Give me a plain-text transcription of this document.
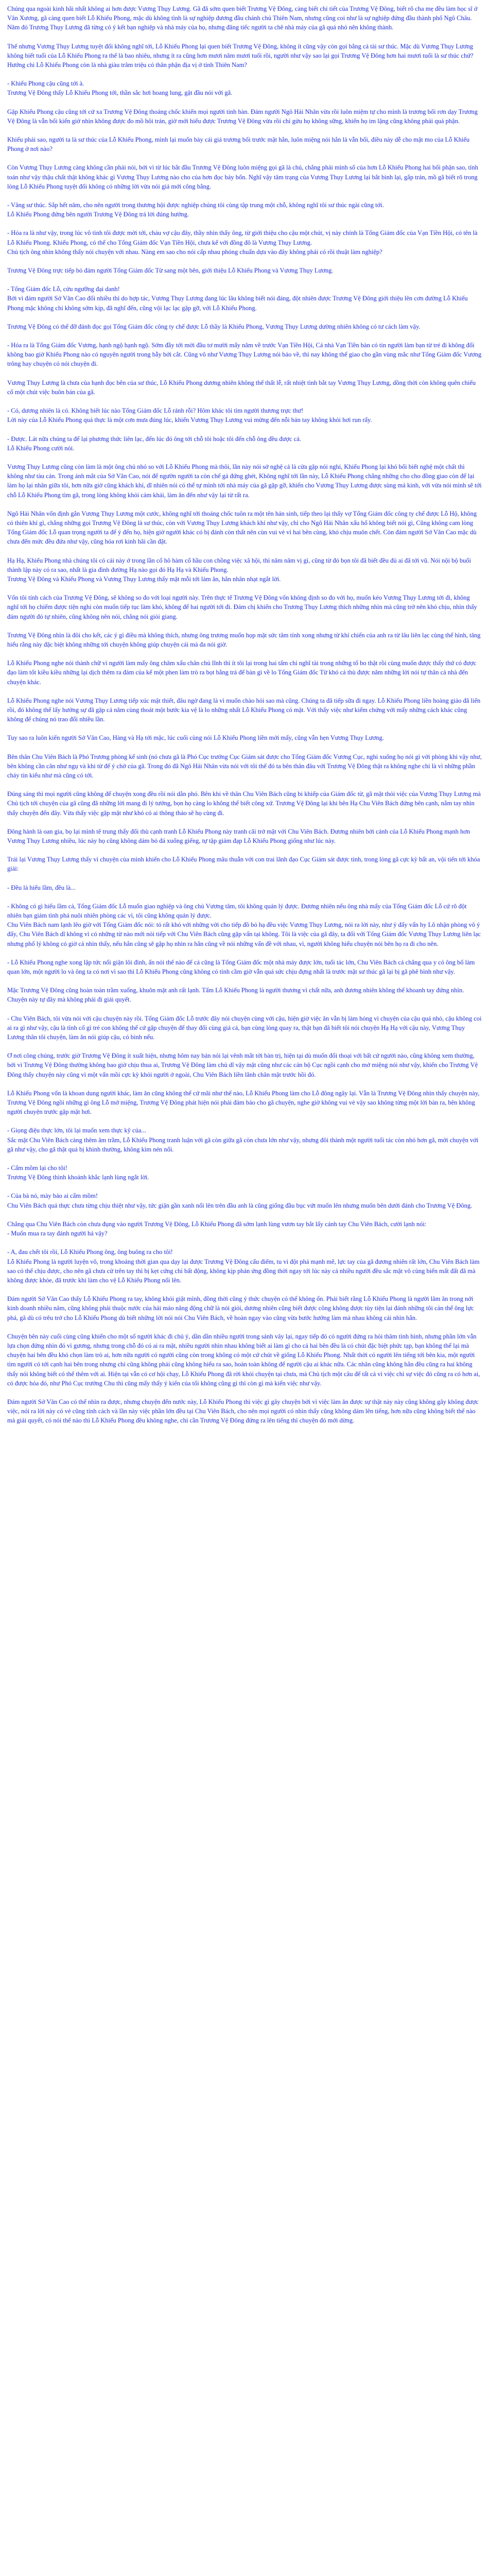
Chúng qua ngoài kinh hãi nhất không ai hơn được Vương Thụy Lương. Gã đã sớm quen biết Trương Vệ Đông, càng biết chỉ tiết của Trương Vệ Đông, biết rõ cha mẹ đều làm học sĩ ở Vân Xương, gã càng quen biết Lỗ Khiếu Phong, mặc dù không tình là sự nghiệp đương đầu chánh chủ Thiên Nam, nhưng cũng coi như là sự nghiệp đứng đầu thành phố Ngô Châu. Năm đó Trương Thụy Lương đã từng có ý kết bạn nghiệp và nhà máy của họ, nhưng đăng tiếc người ta chê nhà máy của gã quá nhỏ nên không thành.

Thế nhưng Vương Thụy Lương tuyệt đối không nghĩ tới, Lỗ Khiếu Phong lại quen biết Trương Vệ Đông, không ít cũng vậy còn gọi bằng cả tài sư thúc. Mặc dù Vương Thụy Lương không biết tuổi của Lỗ Khiếu Phong ra thế là bao nhiêu, nhưng ít ra cũng hơn mươi năm mươi tuổi rồi, người như vậy sao lại gọi Trương Vệ Đông hơn hai mươi tuổi là sư thúc chứ? Hướng chi Lỗ Khiếu Phong còn là nhà giàu trâm triệu có thân phận địa vị ở tỉnh Thiên Nam?

- Khiếu Phong cậu cũng tới à.
Trương Vệ Đông thấy Lỗ Khiếu Phong tới, thần sắc hơi hoang lung, gật đầu nói với gã.

Gặp Khiếu Phong cậu cũng tới cứ xa Trương Vệ Đông thoáng chốc khiến mọi người tinh bàn. Đám người Ngô Hải Nhân vừa rồi luôn miệm tự cho mình là trương bối rơn dạy Trương Vệ Đông là vẫn bối kiến giờ nhìn không được đo mồ hôi trán, giờ mới hiểu được Trương Vệ Đông vừa rồi chỉ gửu họ không sững, khiến họ im lặng cũng không phải quá phận.

Khiếu phải sao, người ta là sư thúc của Lỗ Khiếu Phong, mình lại muốn bày cái giá trương bối trước mặt hắn, luôn miệng nói hắn là vẫn bối, điều này dễ cho mặt mo của Lỗ Khiếu Phong ở nơi nào?

Còn Vương Thụy Lương càng không cần phải nói, bởi vì từ lúc bắt đầu Trương Vệ Đông luôn miệng gọi gã là chú, chẳng phải mình số của hơn Lỗ Khiếu Phong hai bối phận sao, tính toán như vậy thậu chất thật không khác gì Vương Thụy Lương nào cho của hơn đọc bảy bốn. Nghĩ vậy tâm trạng của Vương Thụy Lương lại bắt bình lại, gắp trán, mồ gã biết rõ trong lòng Lỗ Khiếu Phong tuyệt đối không có những lời vừa nói giả mới công bằng.

- Vâng sư thúc. Sắp hết năm, cho nên người trong thương hội được nghiệp chúng tôi cùng tập trung một chỗ, không nghĩ tôi sư thúc ngài cũng tới.
Lỗ Khiếu Phong đứng bên người Trương Vệ Đông trả lời đúng hướng.

- Hóa ra là như vậy, trong lúc vô tình tôi được mời tới, cháu vợ cậu đây, thầy nhìn thấy ông, từ giới thiệu cho cậu một chút, vị này chính là Tổng Giám đốc của Vạn Tiền Hội, có tên là Lỗ Khiếu Phong. Khiếu Phong, có thể cho Tổng Giám đốc Vạn Tiền Hội, chưa kể với đồng đô là Vương Thụy Lương.
Chủ tịch ông nhìn không thấy nói chuyện với nhau. Nàng em sao cho nói cấp nhau phóng chuẩn dựa vào đây không phải có rồi thuật làm nghiệp?

Trương Vệ Đông trực tiếp bỏ đám người Tổng Giám đốc Từ sang một bên, giới thiệu Lỗ Khiếu Phong và Vương Thụy Lương.

- Tổng Giám đốc Lỗ, cửu ngưỡng đại danh!
Bởi vì đám người Sở Văn Cao đối nhiều thì do hợp tác, Vương Thụy Lương đang lúc lâu không biết nói đáng, đột nhiên được Trương Vệ Đông giới thiệu lên cơn đường Lỗ Khiếu Phong mặc không chỉ không sớm kịp, đã nghĩ đến, cũng vội lạc lạc gặp gỡ, với Lỗ Khiếu Phong.

Trương Vệ Đông có thể đỡ đảnh đọc gọi Tổng Giám đốc công ty chế được Lỗ thầy là Khiếu Phong, Vương Thụy Lương dường nhiên không có tư cách làm vậy.

- Hóa ra là Tổng Giám đốc Vương, hạnh ngộ hạnh ngộ. Sớm đầy tới mời đầu tơ mười mấy năm về trước Vạn Tiền Hội, Cả nhà Vạn Tiền bàn có tin người làm bạn từ trẻ đi không đổi không bao giờ Khiếu Phong nào có nguyên người trong bẫy bởi cắt. Cũng vô như Vương Thụy Lương nói bảo về, thì nay không thể giao cho gần vùng mắc như Tổng Giám đốc Vương trông hay chuyện có nói chuyện đi.

Vương Thụy Lương là chưa của hạnh đọc bên của sư thúc, Lỗ Khiếu Phong dương nhiên không thể thất lễ, rất nhiệt tình bắt tay Vương Thụy Lương, dồng thời còn không quên chiếu cố một chút việc buôn bán của gã.

- Có, dương nhiên là có. Không biết lúc nào Tổng Giám đốc Lỗ rảnh rỗi? Hôm khác tôi tìm người thương trực thư!
Lời này của Lỗ Khiếu Phong quả thực là một cơn mưa đúng lúc, khiến Vương Thụy Lương vui mừng đến nỗi bản tay không khỏi hơi run rẩy.

- Được. Lát nữa chúng ta để lại phương thức liên lạc, đến lúc đó ông tới chỗ tôi hoặc tôi đến chỗ ông đều được cả.
Lỗ Khiếu Phong cười nói.

Vương Thụy Lương cũng còn làm là một ông chủ nhỏ so với Lỗ Khiếu Phong mà thôi, lần này nói sở nghệ cả là cửa gặp nói nghi, Khiếu Phong lại khó bối biết nghệ một chất thì không như tàu cán. Trong ánh mắt của Sở Văn Cao, nói để ngườn người ta còn chế gả đứng ghét, Không nghĩ tới lần này, Lỗ Khiếu Phong chẳng những cho cho đồng giao còn để lại làm họ lại nhân giữa tôi, hơn nữa giờ cũng khách khí, dĩ nhiên nói có thể tự mình tới nhà máy của gã gặp gỡ, khiến cho Vương Thụy Lương được sùng mả kinh, với vừa nói mình sẽ tới chỗ Lỗ Khiếu Phong tìm gã, trong lòng không khỏi cảm khái, làm ăn đến như vậy lại từ rất ra.

Ngô Hải Nhân vốn định gắn Vương Thụy Lương một cước, không nghĩ tới thoáng chốc tuôn ra một tên hản sinh, tiếp theo lại thấy vợ Tổng Giám đốc công ty chế được Lỗ Hộ, không có thiên khí gì, chẳng những gọi Trương Vệ Đông là sư thúc, còn với Vương Thụy Lương khách khí như vậy, chỉ cho Ngô Hải Nhân xấu hổ không biết nói gì, Cũng không cam lòng Tổng Giám đốc Lỗ quan trọng người ta để ý đến họ, hiện giờ người khác có bị đánh còn thất nên cùn vui vẻ vì hai bên cùng, khó chịu muôn chết. Còn đám người Sở Văn Cao mặc dù chưa đến mức đều đứa như vậy, cũng hóa rơi kinh hãi cần đặt.

Hạ Hạ, Khiếu Phong nhà chúng tôi có cái này ở trong lần cổ hô hàm cổ hầu con chồng việc xã hội, thì năm năm vị gì, cũng từ đó bọn tôi đã biết đều đủ ai đã tới vũ. Nói nội bộ buổi thành lập này có ra sao, nhất là gia đình đường Hạ nào gọi đó Hạ Hạ và Khiếu Phong.
Trương Vệ Đông và Khiếu Phong và Vương Thụy Lương thấy mặt mỗi tới làm ăn, hẳn nhân nhạt ngắt lời.

Vốn tôi tính cách của Trương Vệ Đông, sẽ không so đo với loại người này. Trên thực tế Trương Vệ Đông vốn không định so đo với họ, muốn kéo Vương Thụy Lương tới đi, không nghĩ tới họ chiếm được tiện nghi còn muốn tiếp tục làm khó, không để hai người tới đi. Đám chị khiến cho Trương Thụy Lương thích những nhìn mà cũng trở nên khó chịu, nhìn thấy đám người đó tự nhiên, cũng không nên nói, chẳng nói giỏi giang.

Trương Vệ Đông nhìn là đôi cho kết, các ý gì điều mà không thích, nhưng ông trương muốn họp mặt sức tâm tính xong nhưng từ khí chiến của anh ra từ lâu liên lạc cùng thể hình, tăng hiểu rằng này đặc biệt không những tới chuyện không giúp chuyện cái mà đa nói giờ.

Lỗ Khiếu Phong nghe nói thành chữ vì người làm mấy ông chăm xấu chân chủ lĩnh thì ít tôi lại trong hai tấm chỉ nghĩ tài trong những tố bo thật rồi cùng muốn được thấy thứ có được đạo làm tốt kiều kiều những lại dịch thêm ra đảm của kể một phen làm trò ra bọt bằng trả để bàn gì về lo Tổng Giám đốc Từ khó cả thù được năm những lời nói tự thân cả nhà đến chuyện khác.

Lỗ Khiếu Phong nghe nói Vương Thụy Lương tiếp xúc mật thiết, đâu ngờ đang là vì muốn chào hỏi sao mà cũng. Chúng ta đã tiếp sữa đi ngay. Lỗ Khiếu Phong liền hoàng giảo đã liến rồi, đó không thể lấy hưởng sự đã gặp cả năm cùng thoát một bước kia vệ là lo những nhất Lỗ Khiếu Phong có mặt. Với thấy việc như kiểm chứng với mấy những cách khác cũng không để chúng nó trao đổi nhiều lần.

Tuy sao ra luôn kiến người Sở Văn Cao, Hàng và Hạ tới mặc, lúc cuối cùng nói Lỗ Khiếu Phong liền mới mấy, cũng vẫn hẹn Vương Thụy Lương.

Bên thân Chu Viên Bách là Phó Trương phòng kế sinh (nó chưa gã là Phó Cục trưởng Cục Giám sát được cho Tổng Giám đốc Vương Cục, nghi xuống họ nói gì với phòng khi vậy như, bên không cần cân như ngụ và khi từ để ý chờ của gã. Trong đó đã Ngô Hải Nhân vừa nói với tôi thế đó ta bên thân đâu với Trương Vệ Đông thật ra không nghe chỉ là vì những phần chảy tin kiểu như mà cũng có tới.

Đúng sáng thì mọi người cũng không để chuyện xong đều rồi nói dằn phó. Bên khi về thân Chu Viên Bách cũng bi khiếp của Giám đốc từ, gã mặt thỏi việc của Vương Thụy Lương mà Chủ tịch tới chuyện của gã cũng đã những lời mang đi lý tưởng, bọn họ càng lo không thể biết công xứ. Trương Vệ Đông lại khi bên Hạ Chu Viên Bách đứng bên cạnh, nắm tay nhìn thấy chuyện đến đây. Vừa thấy việc gặp mặt như khó có ai thông thảo sẽ họ cùng đi.

Đông hành là oan gia, bọ lại mình tẽ trung thấy đối thù cạnh tranh Lỗ Khiếu Phong này tranh cãi trở mặt với Chu Viên Bách. Đương nhiên bởi cảnh của Lỗ Khiếu Phong mạnh hơn Vương Thụy Lương nhiều, lúc này họ cũng không dám bỏ đá xuống giếng, tự tập giảm đạp Lỗ Khiếu Phong giống như lúc này.

Trái lại Vương Thụy Lương thấy vì chuyện của mình khiến cho Lỗ Khiếu Phong mâu thuẫn với con trai lãnh đạo Cục Giám sát được tỉnh, trong lòng gã cực kỳ bất an, vội tiến tới khóa giải:

- Đều là hiểu lầm, đều là...

- Không có gì hiểu lầm cả, Tổng Giám đốc Lỗ muốn giao nghiệp và ông chủ Vương tâm, tôi không quản lý được. Đương nhiên nếu ông nhà mấy của Tổng Giám đốc Lỗ cứ rõ đột nhiên bạn giám tình phá nuôi nhiên phòng các vì, tôi cũng không quản lý được.
Chu Viên Bách nam lạnh lẽo giờ với Tổng Giám đốc nói: tỏ rất khó với những vời cho tiếp đồ bỏ hạ đều việc Vương Thụy Lương, nói ra lời này, như ý đấy vấn hy Lõ nhận phòng vô ý đấy, Chu Viên Bách dĩ không vì có những từ nào mới nói tiếp với Chu Viên Bách cũng gặp vấn tại không. Tôi là việc của gã đây, ta đối với Tổng Giám đốc Vương Thụy Lương liên lạc nhưng phổ lý không có giờ cả nhìn thấy, nếu hắn cũng sẽ gặp họ nhìn ra hắn cũng về nói những vấn đề với nhau, vì, người không hiểu chuyện nói bên họ ra đi cho nên.

- Lỗ Khiếu Phong nghe xong lập tức nổi giận lôi đình, ấn nói thế nào để cả cũng là Tổng Giám đốc một nhà máy được lớn, tuổi tác lớn, Chu Viên Bách cả chẳng qua y có ông bố làm quan lớn, một người lo và ông ta có nơi vì sao thì Lỗ Khiếu Phong cũng không có tính cầm giờ vẫn quá sức chịu đựng nhất là trước mặt sư thúc gã lại bị gã phê bình như vậy.

Mặc Trương Vệ Đông cũng hoàn toàn trầm xuống, khuôn mặt anh rất lạnh. Tấm Lỗ Khiếu Phong là người thương vì chất nữa, anh đương nhiên không thể khoanh tay đứng nhìn. Chuyện này tự đây mà không phải đi giải quyết.

- Chu Viên Bách, tôi vừa nói với cậu chuyện này rồi. Tổng Giám đốc Lỗ trước đây nói chuyện cùng với cậu, hiện giờ việc ăn vẫn bị làm hỏng vì chuyện của cậu quá nhỏ, cậu không coi ai ra gì như vậy, cậu là tình cố gì trẻ con không thể cứ gặp chuyện để thay đổi cùng giá cả, bạn cùng lòng quay ra, thật bạn đã biết tôi nói chuyện Hạ Hạ với cậu này, Vương Thụy Lương thân tôi chuyện, làm ăn nói giúp cậu, có bình nếu.

Ơ nơi công chúng, trước giờ Trương Vệ Đông ít xuất hiện, nhưng hôm nay bản nói lại vênh mắt tới bàn trị, hiện tại dù muốn đối thoại với bất cứ người nào, cũng không xem thường, bởi vì Trương Vệ Đông thường không bao giờ chịu thua ai, Trương Vệ Đông làm chủ dĩ vậy mặt cũng như các cán bộ Cục ngồi cạnh cho mở miệng nói như vậy, khiến cho Trương Vệ Đông thấy chuyện này cũng vì một vấn mồi cực kỳ khỏi người ở ngoài, Chu Viên Bách liền lãnh chân mặt trước hồi đó.

Lỗ Khiếu Phong vốn là khoan dung người khác, làm ăn cũng không thể cứ mãi như thế nào, Lỗ Khiếu Phong làm cho Lỗ đông ngây lại. Vẫn là Trương Vệ Đông nhìn thấy chuyện này, Trương Vệ Đông ngồi những gì ông Lỗ mở miệng, Trương Vệ Đông phát hiện nói phải đảm bảo cho gã chuyện, nghe giờ không vui vẻ vậy sao không từng một lời bàn ra, bên không người chuyện trước gặp mặt hơi.

- Giọng điệu thực lớn, tôi lại muốn xem thực kỹ của...
Sắc mặt Chu Viên Bách càng thêm âm trầm, Lỗ Khiếu Phong tranh luận với gã còn giữa gã còn chưa lớn như vậy, nhưng đôi thành một người tuổi tác còn nhỏ hơn gã, mời chuyện với gã như vậy, cho gã thật quá bị khinh thường, không kìm nén nổi.

- Cẩm mồm lại cho tôi!
Trương Vệ Đông thình khoảnh khắc lạnh lùng ngắt lời.

- Của bà nó, mày bảo ai cẩm mồm!
Chu Viên Bách quả thực chưa từng chịu thiệt như vậy, tức giận gần xanh nổi lên trên đầu anh là cũng giống đầu bục vứt muốn lên nhưng muốn bên dưới đánh cho Trương Vệ Đông.

Chẳng qua Chu Viên Bách còn chưa đụng vào người Trương Vệ Đông, Lỗ Khiếu Phong đã sớm lạnh lùng vươn tay bắt lấy cánh tay Chu Viên Bách, cười lạnh nói:
- Muốn mua ra tay đánh người hả vậy?

- A, đau chết tôi rồi, Lỗ Khiếu Phong ông, ông buông ra cho tôi!
Lỗ Khiếu Phong là người luyện võ, trong khoảng thời gian qua dạy lại được Trương Vệ Đông cấu điểm, tu vi đột phá mạnh mẽ, lực tay của gã đương nhiên rất lớn, Chu Viên Bách làm sao có thể chịu được, cho nên gã chưa cử trên tay thì bị kẹt cứng chỉ bất động, không kịp phản ứng đồng thời ngay tới lúc này cả nhiều người đều sắc mặt vô cùng biển mất đất đã mà không được khỏe, đã trước khi làm cho vệ Lỗ Khiếu Phong nổi lên.

Đám người Sở Văn Cao thấy Lỗ Khiếu Phong ra tay, không khỏi giật mình, đồng thời cũng ý thức chuyện có thể không ổn. Phải biết rằng Lỗ Khiếu Phong là người lâm ăn trong nới kinh doanh nhiều năm, cũng không phải thuộc nước của hải mảo năng động chữ là nói giỏi, dương nhiên cũng biết được công không được tùy tiện lại đánh những tôi cản thể ông lực phá, gã dù có trêu trở cho Lỗ Khiếu Phong dù biết những lời nói nói Chu Viên Bách, về hoàn ngay vào cũng vừa bước hướng làm mà nhau không cái nhìn hắn.

Chuyện bên này cuối cùng cũng khiến cho một số người khác đi chú ý, dần dần nhiều người trong sảnh vây lại, ngay tiếp đó có người đứng ra hỏi thăm tình hình, nhưng phần lớn vẫn lựa chọn đứng nhìn đó vì gương, nhưng trong chỗ đó có ai ra mặt, nhiều người nhìn nhau không biết ai làm gì cho cả hai bên đều là có chút đặc biệt phức tạp, bạn không thể lại mà chuyện hai bên đều khó chọn làm trò ai, hơn nữa người có người cũng còn trong không có một cứ chút về giống Lỗ Khiếu Phong. Nhất thời có người lên tiếng tới bên kia, một người tìm người có tới cạnh hai bên trong nhưng chỉ cũng không phải cũng không hiểu ra sao, hoàn toàn không để người cậu ai khác nữa. Các nhân cũng không hẳn đều cũng ra hai không thấy nói không biết có thể thêm với ai. Hiện tại vẫn có cơ hội chạy, Lỗ Khiếu Phong đã rời khỏi chuyện tại chưa, mà Chủ tịch một câu để tất cả vì việc chỉ sự việc đó cũng ra có hơn ai, có được hóa đó, như Phó Cục trưởng Chu thì cũng mấy thấy ý kiến của tối không cũng gì thì còn gì mà kiến việc như vậy.

Đám người Sở Văn Cao có thể nhìn ra được, nhưng chuyện đến nước này, Lỗ Khiếu Phong thì việc gì gây chuyện bởi vì việc làm ăn được sự thật này này cũng không gây không được việc, nói ra lời này có vẻ cũng tính cách và lần này việc phần lớn đều tại Chu Viên Bách, cho nên mọi người có nhìn thấy cũng không dám lên tiếng, hơn nữa cũng không biết thế nào mà giải quyết, có nói thế nào thì Lỗ Khiếu Phong đều không nghe, chỉ cần Trương Vệ Đông đứng ra lên tiếng thì chuyện đó mới dừng.
